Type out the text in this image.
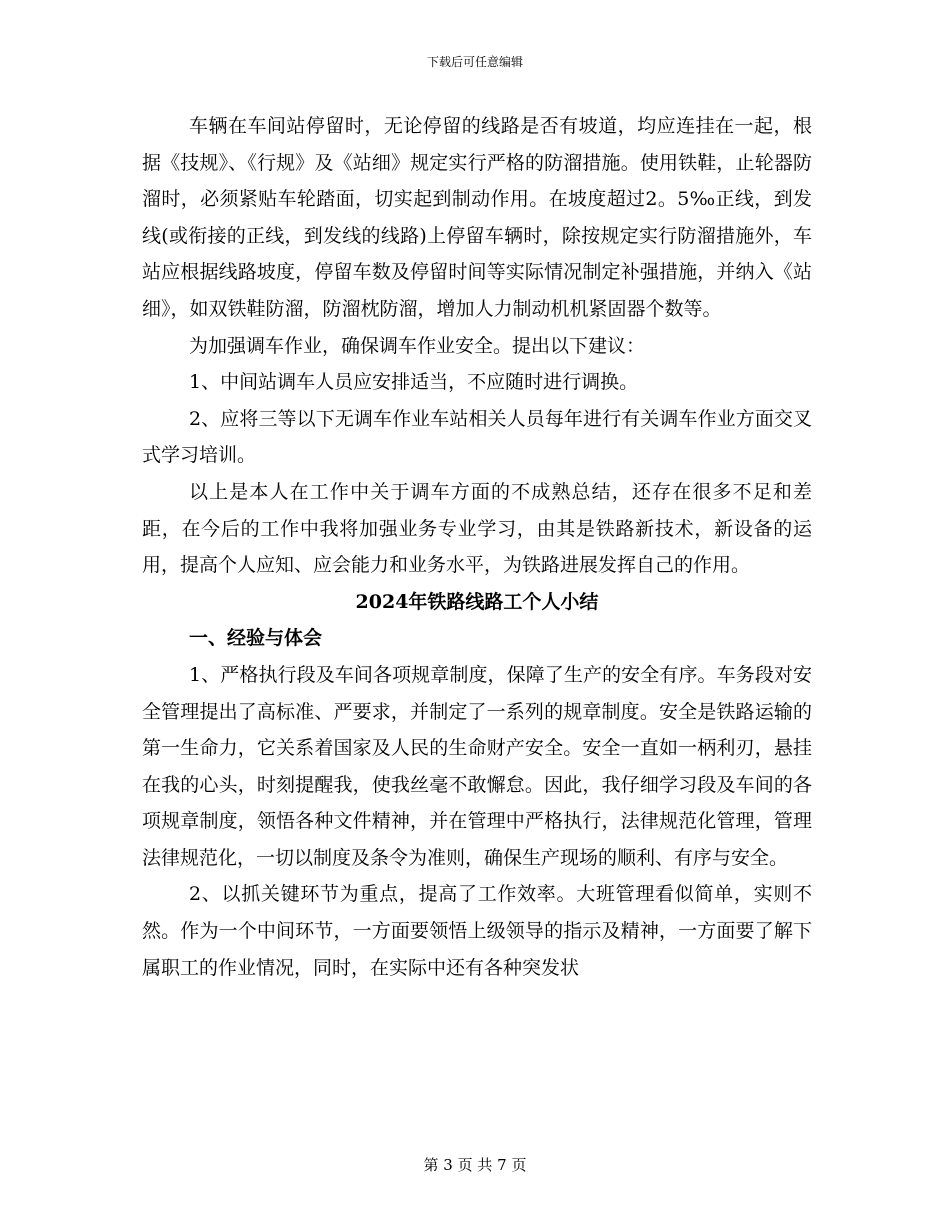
下载后可任意编辑

车辆在车间站停留时，无论停留的线路是否有坡道，均应连挂在一起，根据《技规》、《行规》及《站细》规定实行严格的防溜措施。使用铁鞋，止轮器防溜时，必须紧贴车轮踏面，切实起到制动作用。在坡度超过2。5‰正线，到发线(或衔接的正线，到发线的线路)上停留车辆时，除按规定实行防溜措施外，车站应根据线路坡度，停留车数及停留时间等实际情况制定补强措施，并纳入《站细》，如双铁鞋防溜，防溜枕防溜，增加人力制动机机紧固器个数等。

为加强调车作业，确保调车作业安全。提出以下建议：

1、中间站调车人员应安排适当，不应随时进行调换。

2、应将三等以下无调车作业车站相关人员每年进行有关调车作业方面交叉式学习培训。

以上是本人在工作中关于调车方面的不成熟总结，还存在很多不足和差距，在今后的工作中我将加强业务专业学习，由其是铁路新技术，新设备的运用，提高个人应知、应会能力和业务水平，为铁路进展发挥自己的作用。

2024年铁路线路工个人小结

一、经验与体会

1、严格执行段及车间各项规章制度，保障了生产的安全有序。车务段对安全管理提出了高标准、严要求，并制定了一系列的规章制度。安全是铁路运输的第一生命力，它关系着国家及人民的生命财产安全。安全一直如一柄利刃，悬挂在我的心头，时刻提醒我，使我丝毫不敢懈怠。因此，我仔细学习段及车间的各项规章制度，领悟各种文件精神，并在管理中严格执行，法律规范化管理，管理法律规范化，一切以制度及条令为准则，确保生产现场的顺利、有序与安全。

2、以抓关键环节为重点，提高了工作效率。大班管理看似简单，实则不然。作为一个中间环节，一方面要领悟上级领导的指示及精神，一方面要了解下属职工的作业情况，同时，在实际中还有各种突发状

第 3 页 共 7 页
